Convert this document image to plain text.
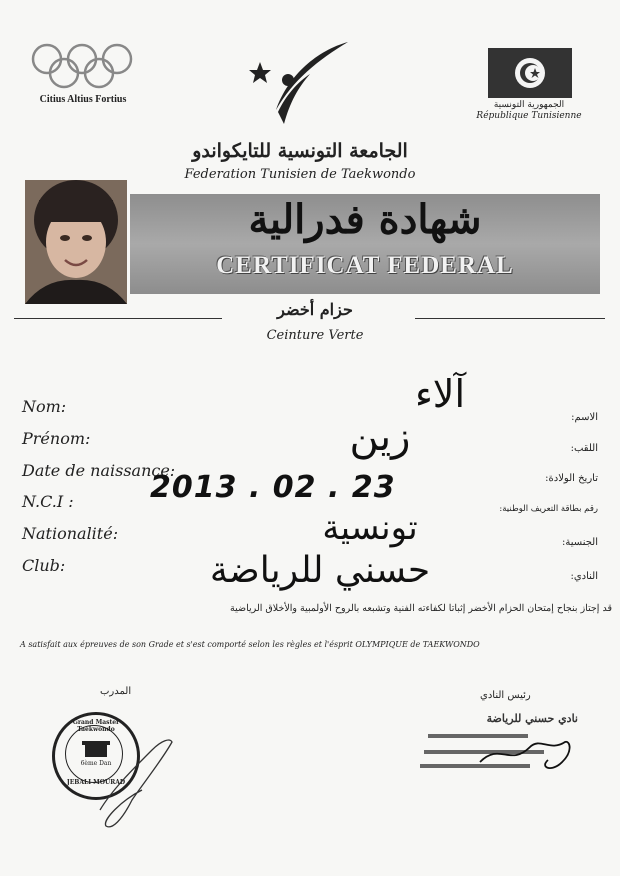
Citius Altius Fortius	الجمهورية التونسية
République Tunisienne
الجامعة التونسية للتايكواندو
Federation Tunisien de Taekwondo
شهادة فدرالية
CERTIFICAT FEDERAL
حزام أخضر
Ceinture Verte
Nom:
Prénom:
Date de naissance:
N.C.I :
Nationalité:
Club:
الاسم:
اللقب:
تاريخ الولادة:
رقم بطاقة التعريف الوطنية:
الجنسية:
النادي:
آلاء
زين
2013 . 02 . 23
تونسية
حسني للرياضة
قد إجتاز بنجاح إمتحان الحزام الأخضر إثباتا لكفاءته الفنية وتشبعه بالروح الأولمبية والأخلاق الرياضية
A satisfait aux épreuves de son Grade et s'est comporté selon les règles et l'ésprit OLYMPIQUE de TAEKWONDO
المدرب	رئيس النادي
Grand Master Taekwondo
6ème Dan
JEBALI MOURAD
نادي حسني للرياضة
